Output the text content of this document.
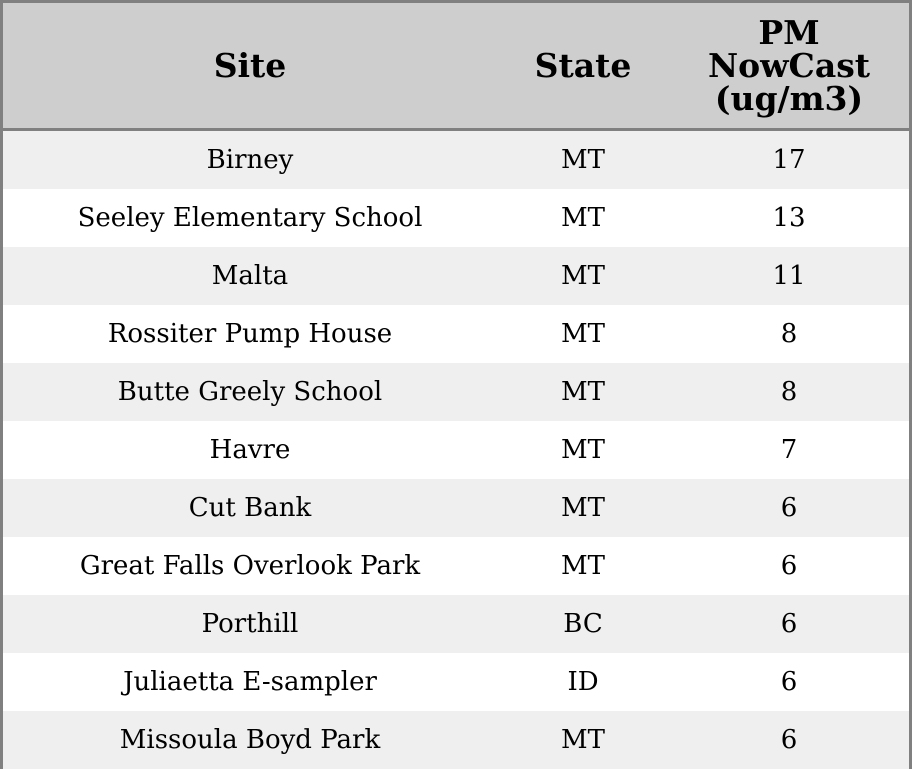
Site	State	PM
NowCast
(ug/m3)
Birney	MT	17
Seeley Elementary School	MT	13
Malta	MT	11
Rossiter Pump House	MT	8
Butte Greely School	MT	8
Havre	MT	7
Cut Bank	MT	6
Great Falls Overlook Park	MT	6
Porthill	BC	6
Juliaetta E-sampler	ID	6
Missoula Boyd Park	MT	6
